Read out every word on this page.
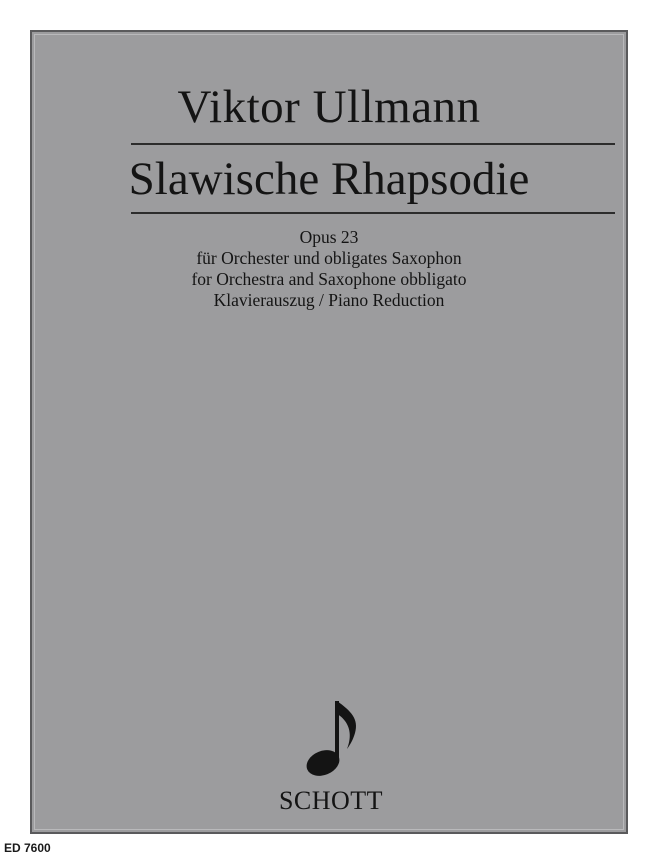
Viktor Ullmann
Slawische Rhapsodie
Opus 23
für Orchester und obligates Saxophon
for Orchestra and Saxophone obbligato
Klavierauszug / Piano Reduction
SCHOTT
ED 7600
